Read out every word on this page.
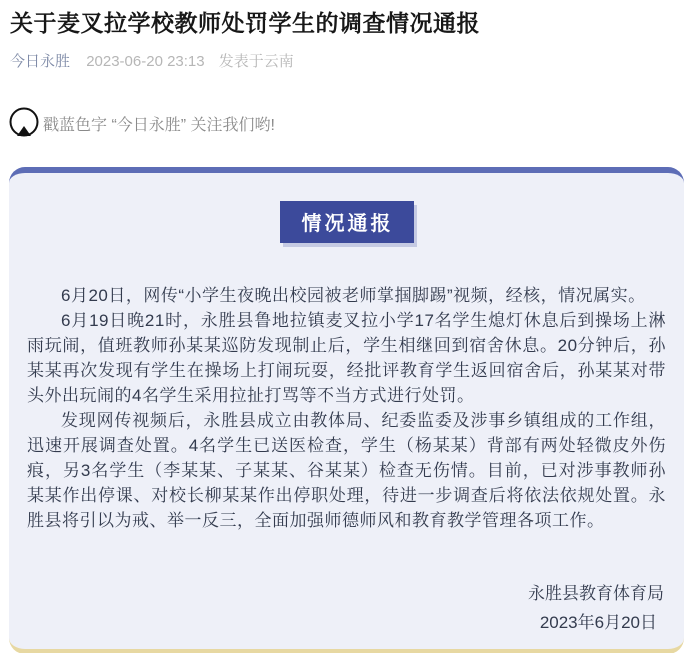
关于麦叉拉学校教师处罚学生的调查情况通报
今日永胜 2023-06-20 23:13 发表于云南
戳蓝色字 “今日永胜” 关注我们哟!
情况通报

6月20日，网传“小学生夜晚出校园被老师掌掴脚踢”视频，经核，情况属实。

6月19日晚21时，永胜县鲁地拉镇麦叉拉小学17名学生熄灯休息后到操场上淋雨玩闹，值班教师孙某某巡防发现制止后，学生相继回到宿舍休息。20分钟后，孙某某再次发现有学生在操场上打闹玩耍，经批评教育学生返回宿舍后，孙某某对带头外出玩闹的4名学生采用拉扯打骂等不当方式进行处罚。

发现网传视频后，永胜县成立由教体局、纪委监委及涉事乡镇组成的工作组，迅速开展调查处置。4名学生已送医检查，学生（杨某某）背部有两处轻微皮外伤痕，另3名学生（李某某、子某某、谷某某）检查无伤情。目前，已对涉事教师孙某某作出停课、对校长柳某某作出停职处理，待进一步调查后将依法依规处置。永胜县将引以为戒、举一反三，全面加强师德师风和教育教学管理各项工作。

永胜县教育体育局
2023年6月20日
